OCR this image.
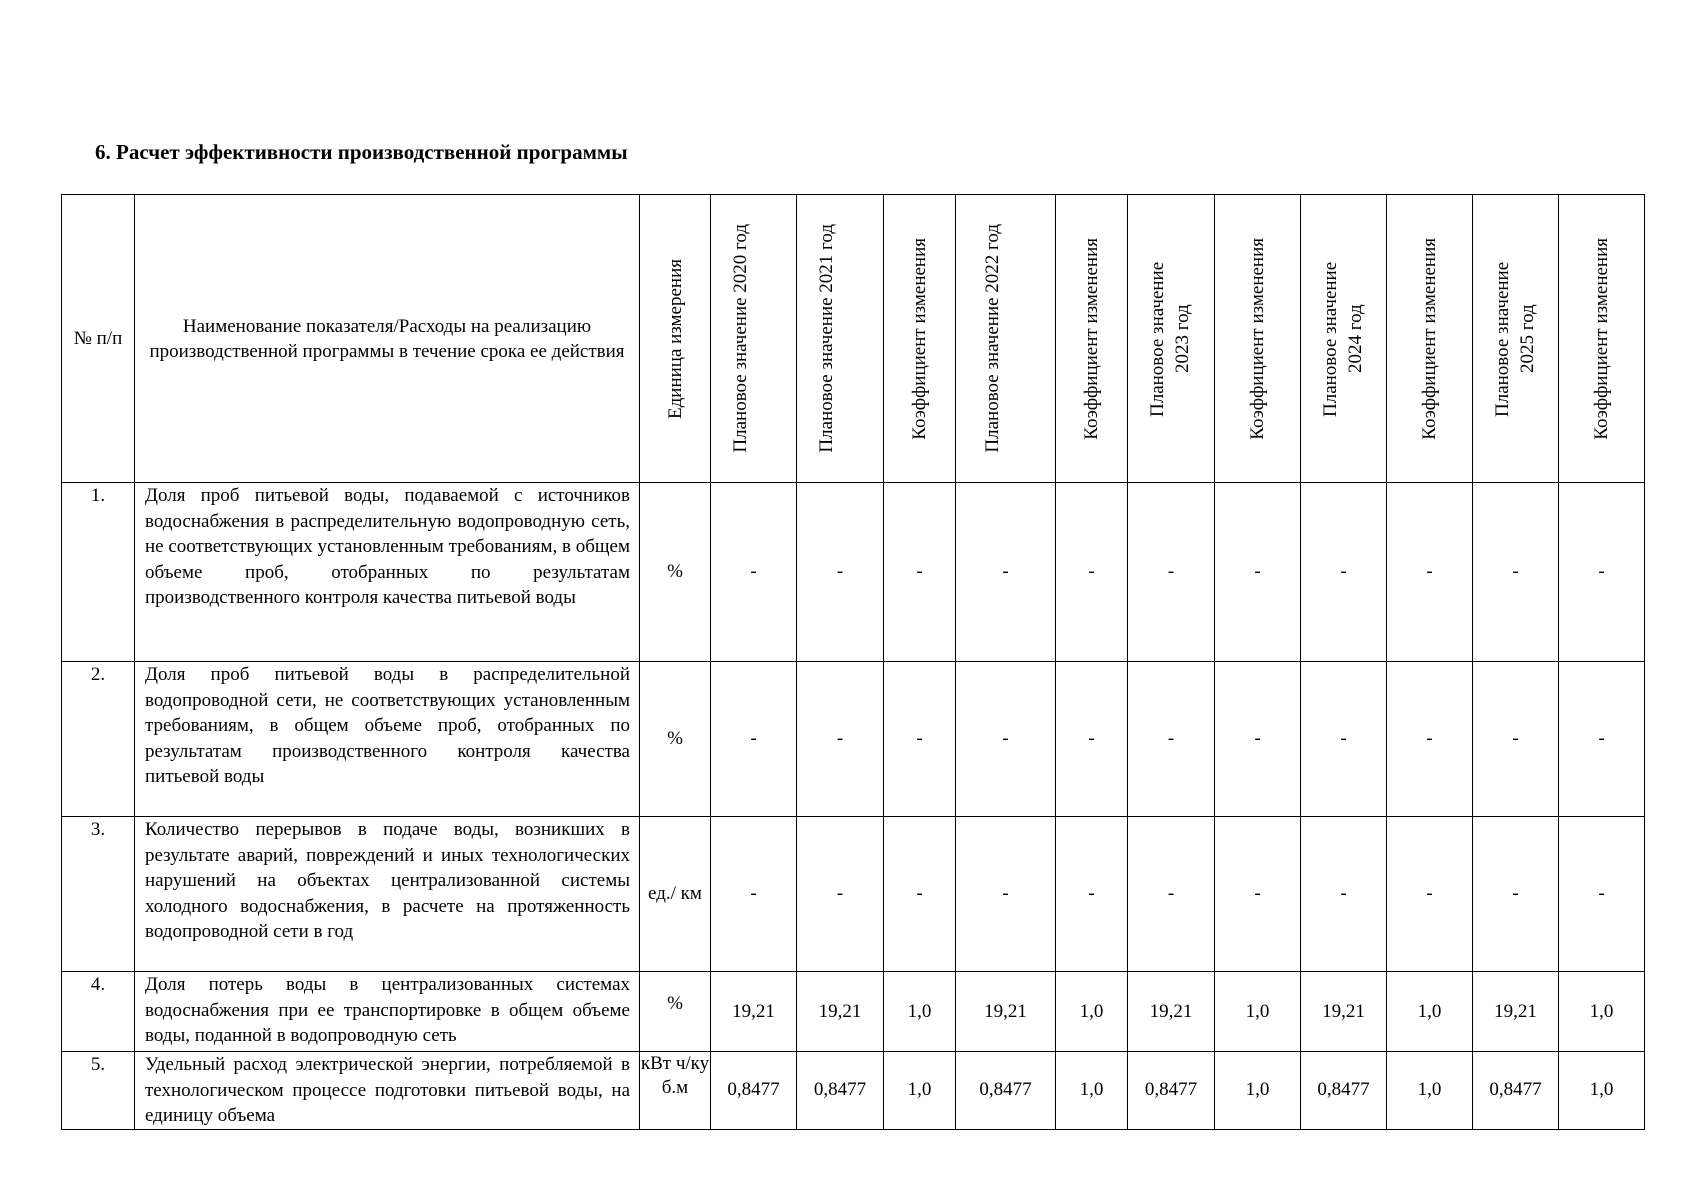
6. Расчет эффективности производственной программы
№ п/п	Наименование показателя/Расходы на реализацию производственной программы в течение срока ее действия	Единица измерения	Плановое значение 2020 год	Плановое значение 2021 год	Коэффициент изменения	Плановое значение 2022 год	Коэффициент изменения	Плановое значение 2023 год	Коэффициент изменения	Плановое значение 2024 год	Коэффициент изменения	Плановое значение 2025 год	Коэффициент изменения

1.	Доля проб питьевой воды, подаваемой с источников водоснабжения в распределительную водопроводную сеть, не соответствующих установленным требованиям, в общем объеме проб, отобранных по результатам производственного контроля качества питьевой воды	%	-	-	-	-	-	-	-	-	-	-	-
2.	Доля проб питьевой воды в распределительной водопроводной сети, не соответствующих установленным требованиям, в общем объеме проб, отобранных по результатам производственного контроля качества питьевой воды	%	-	-	-	-	-	-	-	-	-	-	-
3.	Количество перерывов в подаче воды, возникших в результате аварий, повреждений и иных технологических нарушений на объектах централизованной системы холодного водоснабжения, в расчете на протяженность водопроводной сети в год	ед./ км	-	-	-	-	-	-	-	-	-	-	-
4.	Доля потерь воды в централизованных системах водоснабжения при ее транспортировке в общем объеме воды, поданной в водопроводную сеть	%	19,21	19,21	1,0	19,21	1,0	19,21	1,0	19,21	1,0	19,21	1,0
5.	Удельный расход электрической энергии, потребляемой в технологическом процессе подготовки питьевой воды, на единицу объема	кВт ч/ку б.м	0,8477	0,8477	1,0	0,8477	1,0	0,8477	1,0	0,8477	1,0	0,8477	1,0
